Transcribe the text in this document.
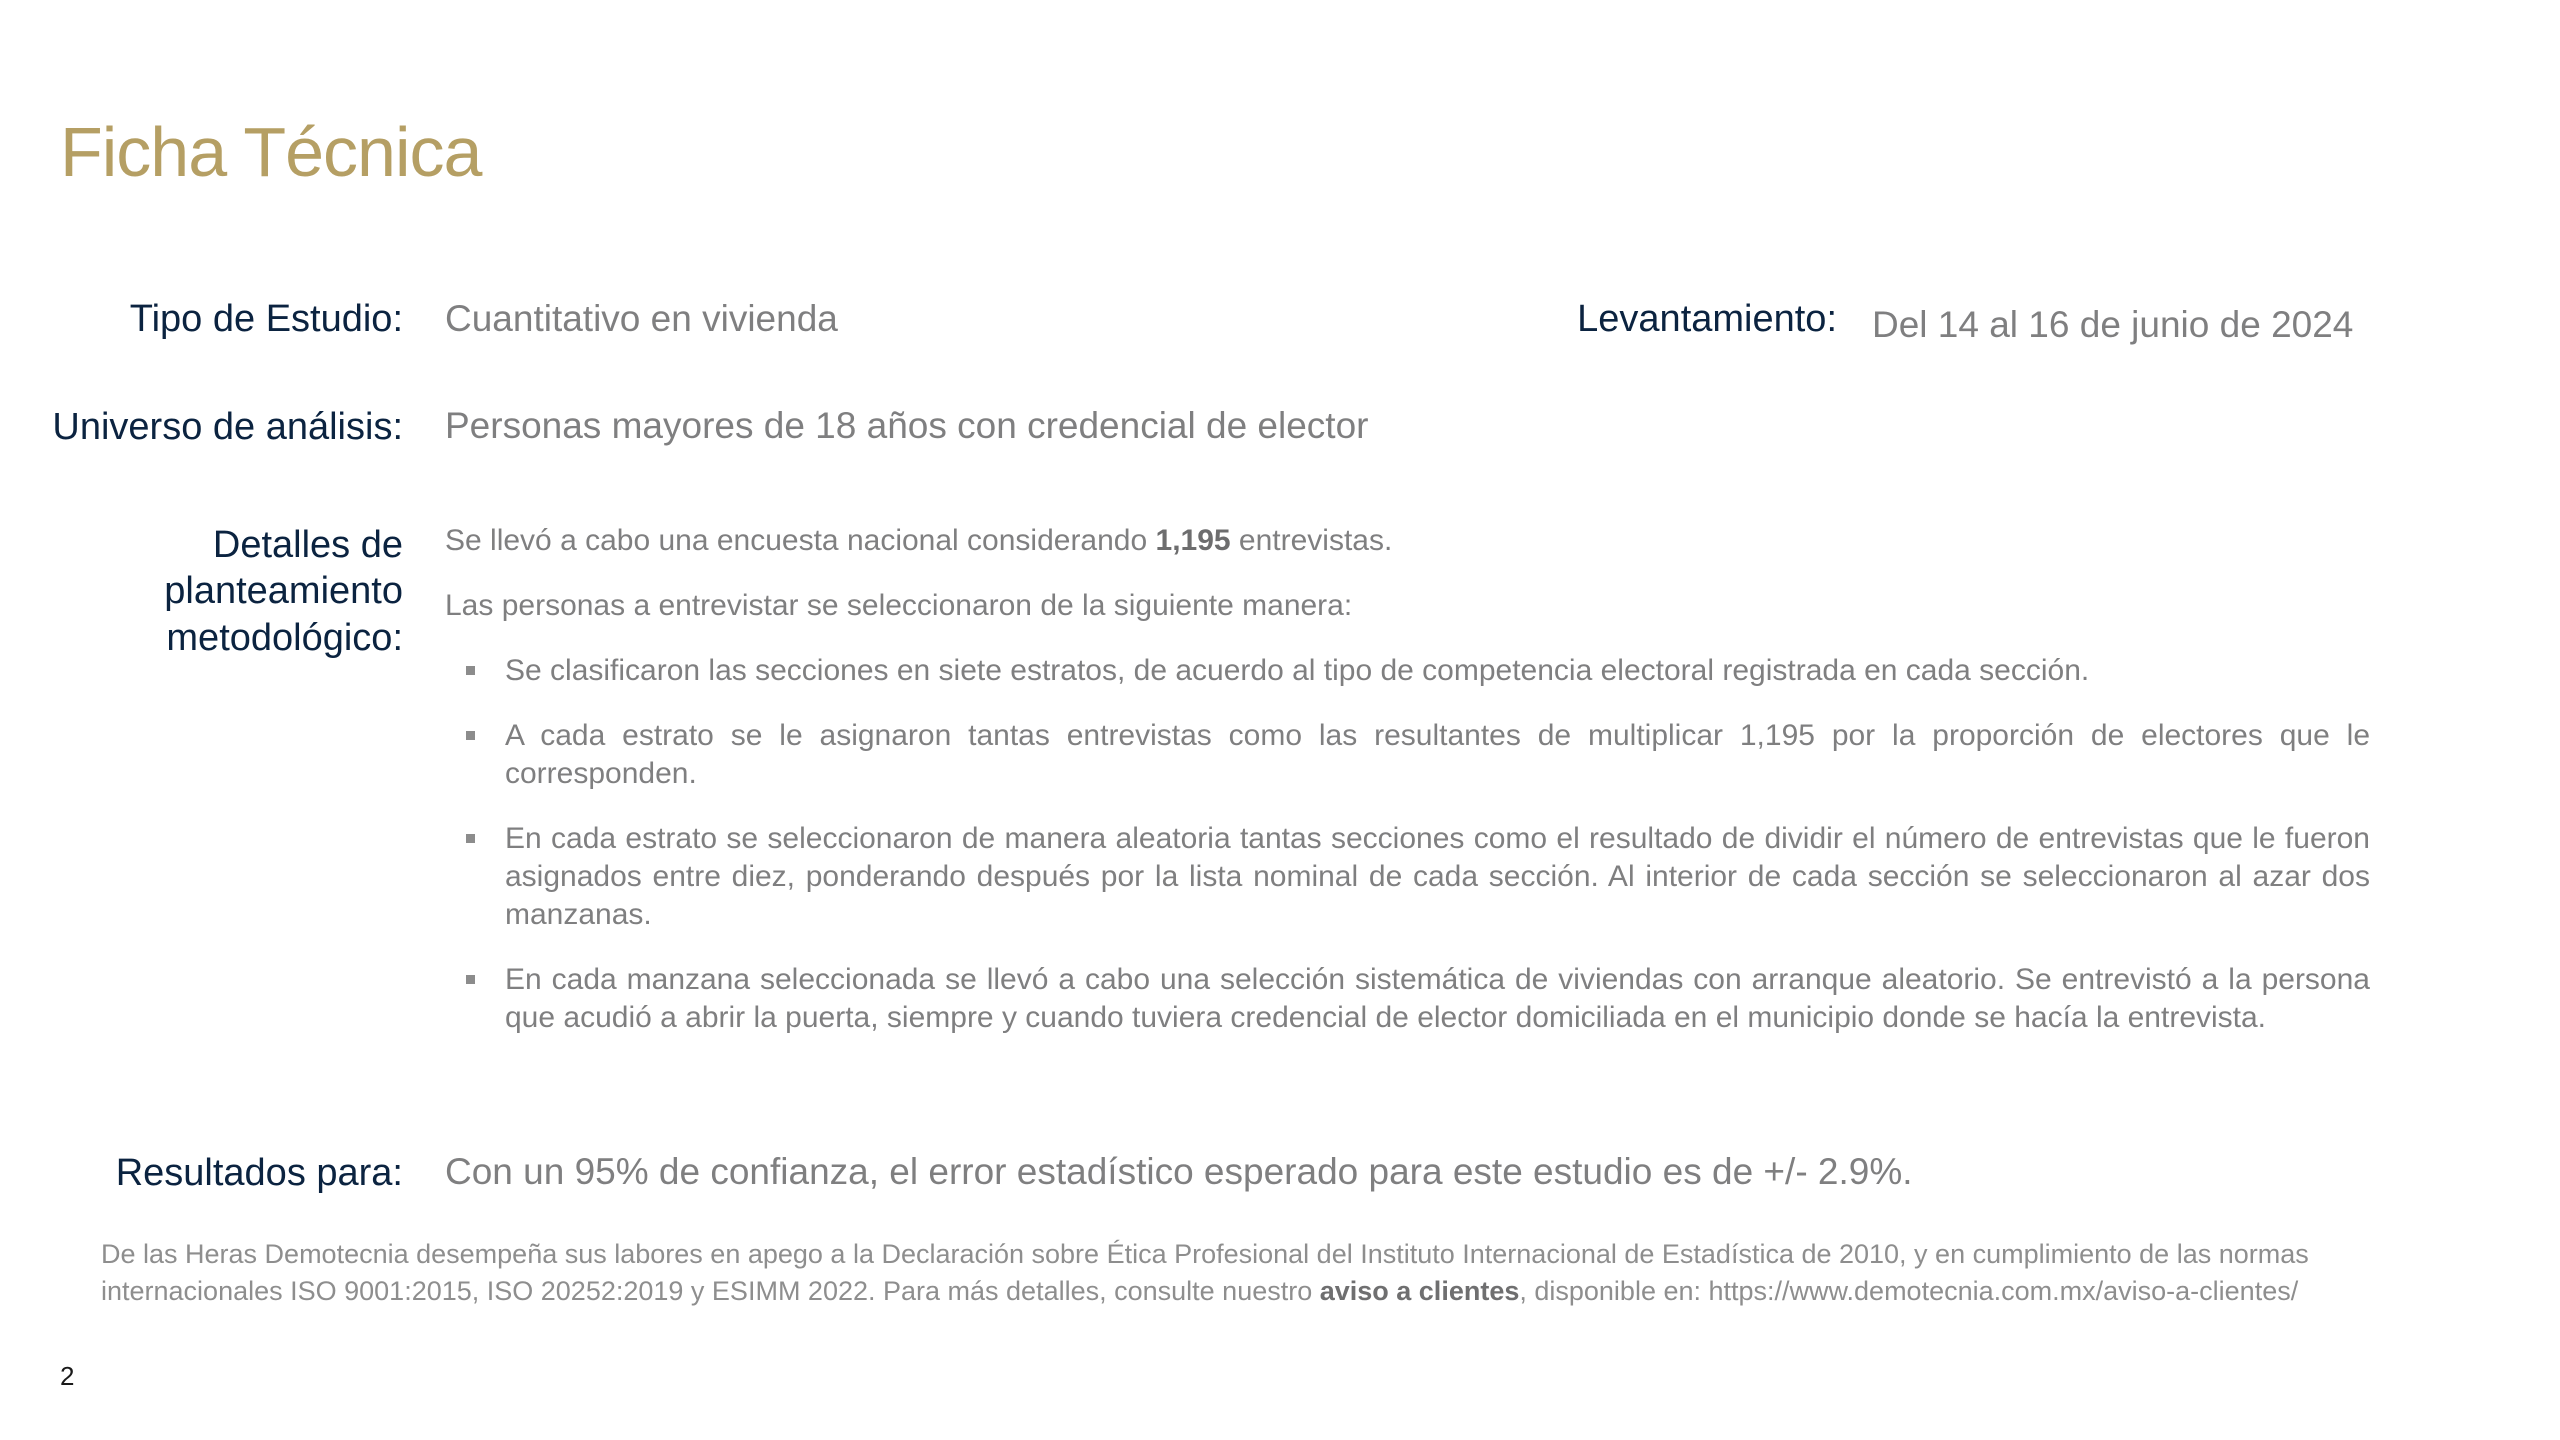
Ficha Técnica
Tipo de Estudio: Cuantitativo en vivienda	Levantamiento: Del 14 al 16 de junio de 2024
Universo de análisis: Personas mayores de 18 años con credencial de elector
Detalles de
planteamiento
metodológico:

Se llevó a cabo una encuesta nacional considerando 1,195 entrevistas.

Las personas a entrevistar se seleccionaron de la siguiente manera:

Se clasificaron las secciones en siete estratos, de acuerdo al tipo de competencia electoral registrada en cada sección.
A cada estrato se le asignaron tantas entrevistas como las resultantes de multiplicar 1,195 por la proporción de electores que le corresponden.
En cada estrato se seleccionaron de manera aleatoria tantas secciones como el resultado de dividir el número de entrevistas que le fueron asignados entre diez, ponderando después por la lista nominal de cada sección. Al interior de cada sección se seleccionaron al azar dos manzanas.
En cada manzana seleccionada se llevó a cabo una selección sistemática de viviendas con arranque aleatorio. Se entrevistó a la persona que acudió a abrir la puerta, siempre y cuando tuviera credencial de elector domiciliada en el municipio donde se hacía la entrevista.
Resultados para: Con un 95% de confianza, el error estadístico esperado para este estudio es de +/- 2.9%.
De las Heras Demotecnia desempeña sus labores en apego a la Declaración sobre Ética Profesional del Instituto Internacional de Estadística de 2010, y en cumplimiento de las normas internacionales ISO 9001:2015, ISO 20252:2019 y ESIMM 2022. Para más detalles, consulte nuestro aviso a clientes, disponible en: https://www.demotecnia.com.mx/aviso-a-clientes/
2
